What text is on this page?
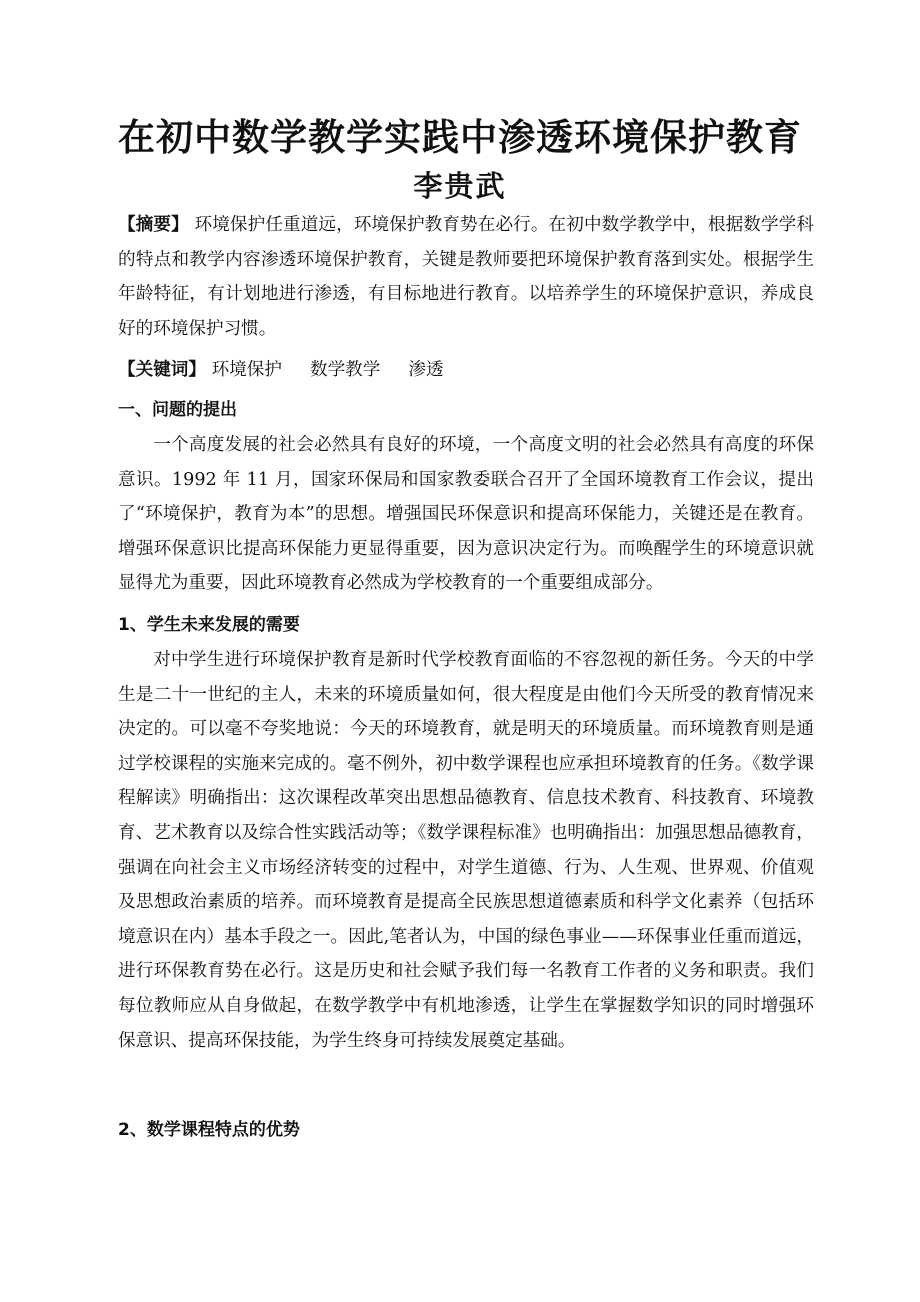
在初中数学教学实践中渗透环境保护教育
李贵武
【摘要】 环境保护任重道远，环境保护教育势在必行。在初中数学教学中，根据数学学科的特点和教学内容渗透环境保护教育，关键是教师要把环境保护教育落到实处。根据学生年龄特征，有计划地进行渗透，有目标地进行教育。以培养学生的环境保护意识，养成良好的环境保护习惯。
【关键词】 环境保护 数学教学 渗透
一、问题的提出
一个高度发展的社会必然具有良好的环境，一个高度文明的社会必然具有高度的环保意识。1992 年 11 月，国家环保局和国家教委联合召开了全国环境教育工作会议，提出了“环境保护，教育为本”的思想。增强国民环保意识和提高环保能力，关键还是在教育。增强环保意识比提高环保能力更显得重要，因为意识决定行为。而唤醒学生的环境意识就显得尤为重要，因此环境教育必然成为学校教育的一个重要组成部分。
1、学生未来发展的需要
对中学生进行环境保护教育是新时代学校教育面临的不容忽视的新任务。今天的中学生是二十一世纪的主人，未来的环境质量如何，很大程度是由他们今天所受的教育情况来决定的。可以毫不夸奖地说：今天的环境教育，就是明天的环境质量。而环境教育则是通过学校课程的实施来完成的。毫不例外，初中数学课程也应承担环境教育的任务。《数学课程解读》明确指出：这次课程改革突出思想品德教育、信息技术教育、科技教育、环境教育、艺术教育以及综合性实践活动等；《数学课程标准》也明确指出：加强思想品德教育，强调在向社会主义市场经济转变的过程中，对学生道德、行为、人生观、世界观、价值观及思想政治素质的培养。而环境教育是提高全民族思想道德素质和科学文化素养（包括环境意识在内）基本手段之一。因此,笔者认为，中国的绿色事业——环保事业任重而道远，进行环保教育势在必行。这是历史和社会赋予我们每一名教育工作者的义务和职责。我们每位教师应从自身做起，在数学教学中有机地渗透，让学生在掌握数学知识的同时增强环保意识、提高环保技能，为学生终身可持续发展奠定基础。
2、数学课程特点的优势
